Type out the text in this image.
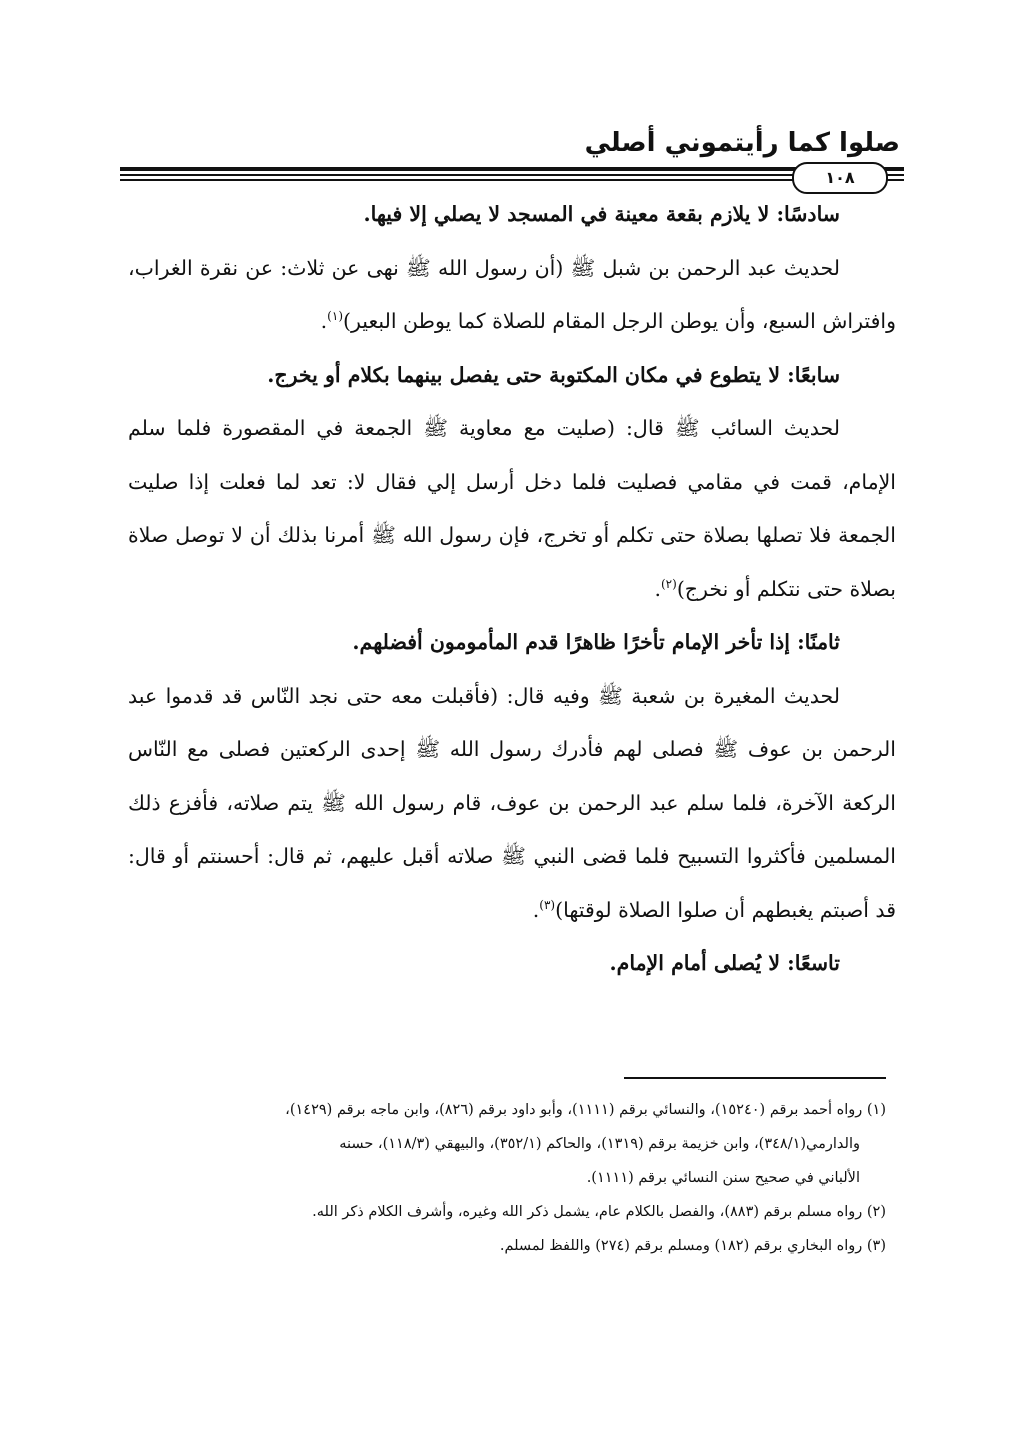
صلوا كما رأيتموني أصلي
١٠٨

سادسًا: لا يلازم بقعة معينة في المسجد لا يصلي إلا فيها.

لحديث عبد الرحمن بن شبل ﷺ (أن رسول الله ﷺ نهى عن ثلاث: عن نقرة الغراب، وافتراش السبع، وأن يوطن الرجل المقام للصلاة كما يوطن البعير)$^{(١)}$.

سابعًا: لا يتطوع في مكان المكتوبة حتى يفصل بينهما بكلام أو يخرج.

لحديث السائب ﷺ قال: (صليت مع معاوية ﷺ الجمعة في المقصورة فلما سلم الإمام، قمت في مقامي فصليت فلما دخل أرسل إلي فقال لا: تعد لما فعلت إذا صليت الجمعة فلا تصلها بصلاة حتى تكلم أو تخرج، فإن رسول الله ﷺ أمرنا بذلك أن لا توصل صلاة بصلاة حتى نتكلم أو نخرج)$^{(٢)}$.

ثامنًا: إذا تأخر الإمام تأخرًا ظاهرًا قدم المأمومون أفضلهم.

لحديث المغيرة بن شعبة ﷺ وفيه قال: (فأقبلت معه حتى نجد النّاس قد قدموا عبد الرحمن بن عوف ﷺ فصلى لهم فأدرك رسول الله ﷺ إحدى الركعتين فصلى مع النّاس الركعة الآخرة، فلما سلم عبد الرحمن بن عوف، قام رسول الله ﷺ يتم صلاته، فأفزع ذلك المسلمين فأكثروا التسبيح فلما قضى النبي ﷺ صلاته أقبل عليهم، ثم قال: أحسنتم أو قال: قد أصبتم يغبطهم أن صلوا الصلاة لوقتها)$^{(٣)}$.

تاسعًا: لا يُصلى أمام الإمام.

(١) رواه أحمد برقم (١٥٢٤٠)، والنسائي برقم (١١١١)، وأبو داود برقم (٨٢٦)، وابن ماجه برقم (١٤٢٩)،

والدارمي(٣٤٨/١)، وابن خزيمة برقم (١٣١٩)، والحاكم (٣٥٢/١)، والبيهقي (١١٨/٣)، حسنه

الألباني في صحيح سنن النسائي برقم (١١١١).

(٢) رواه مسلم برقم (٨٨٣)، والفصل بالكلام عام، يشمل ذكر الله وغيره، وأشرف الكلام ذكر الله.

(٣) رواه البخاري برقم (١٨٢) ومسلم برقم (٢٧٤) واللفظ لمسلم.
